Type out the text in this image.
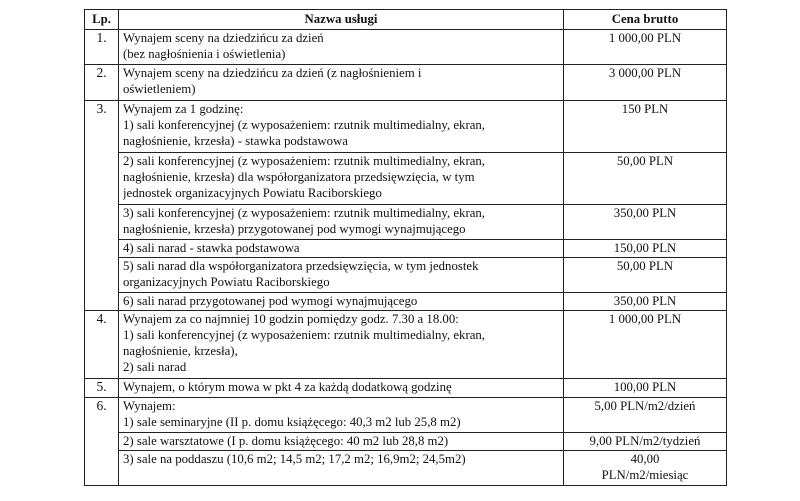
Lp.	Nazwa usługi	Cena brutto
1.	Wynajem sceny na dziedzińcu za dzień
(bez nagłośnienia i oświetlenia)	1 000,00 PLN
2.	Wynajem sceny na dziedzińcu za dzień (z nagłośnieniem i
oświetleniem)	3 000,00 PLN
3.	Wynajem za 1 godzinę:
1) sali konferencyjnej (z wyposażeniem: rzutnik multimedialny, ekran,
nagłośnienie, krzesła) - stawka podstawowa	150 PLN

	2) sali konferencyjnej (z wyposażeniem: rzutnik multimedialny, ekran,
nagłośnienie, krzesła) dla współorganizatora przedsięwzięcia, w tym
jednostek organizacyjnych Powiatu Raciborskiego	50,00 PLN

	3) sali konferencyjnej (z wyposażeniem: rzutnik multimedialny, ekran,
nagłośnienie, krzesła) przygotowanej pod wymogi wynajmującego	350,00 PLN

	4) sali narad - stawka podstawowa	150,00 PLN

	5) sali narad dla współorganizatora przedsięwzięcia, w tym jednostek
organizacyjnych Powiatu Raciborskiego	50,00 PLN

	6) sali narad przygotowanej pod wymogi wynajmującego	350,00 PLN
4.	Wynajem za co najmniej 10 godzin pomiędzy godz. 7.30 a 18.00:
1) sali konferencyjnej (z wyposażeniem: rzutnik multimedialny, ekran,
nagłośnienie, krzesła),
2) sali narad	1 000,00 PLN
5.	Wynajem, o którym mowa w pkt 4 za każdą dodatkową godzinę	100,00 PLN
6.	Wynajem:
1) sale seminaryjne (II p. domu książęcego: 40,3 m2 lub 25,8 m2)	5,00 PLN/m2/dzień

	2) sale warsztatowe (I p. domu książęcego: 40 m2 lub 28,8 m2)	9,00 PLN/m2/tydzień

	3) sale na poddaszu (10,6 m2; 14,5 m2; 17,2 m2; 16,9m2; 24,5m2)	40,00
PLN/m2/miesiąc
